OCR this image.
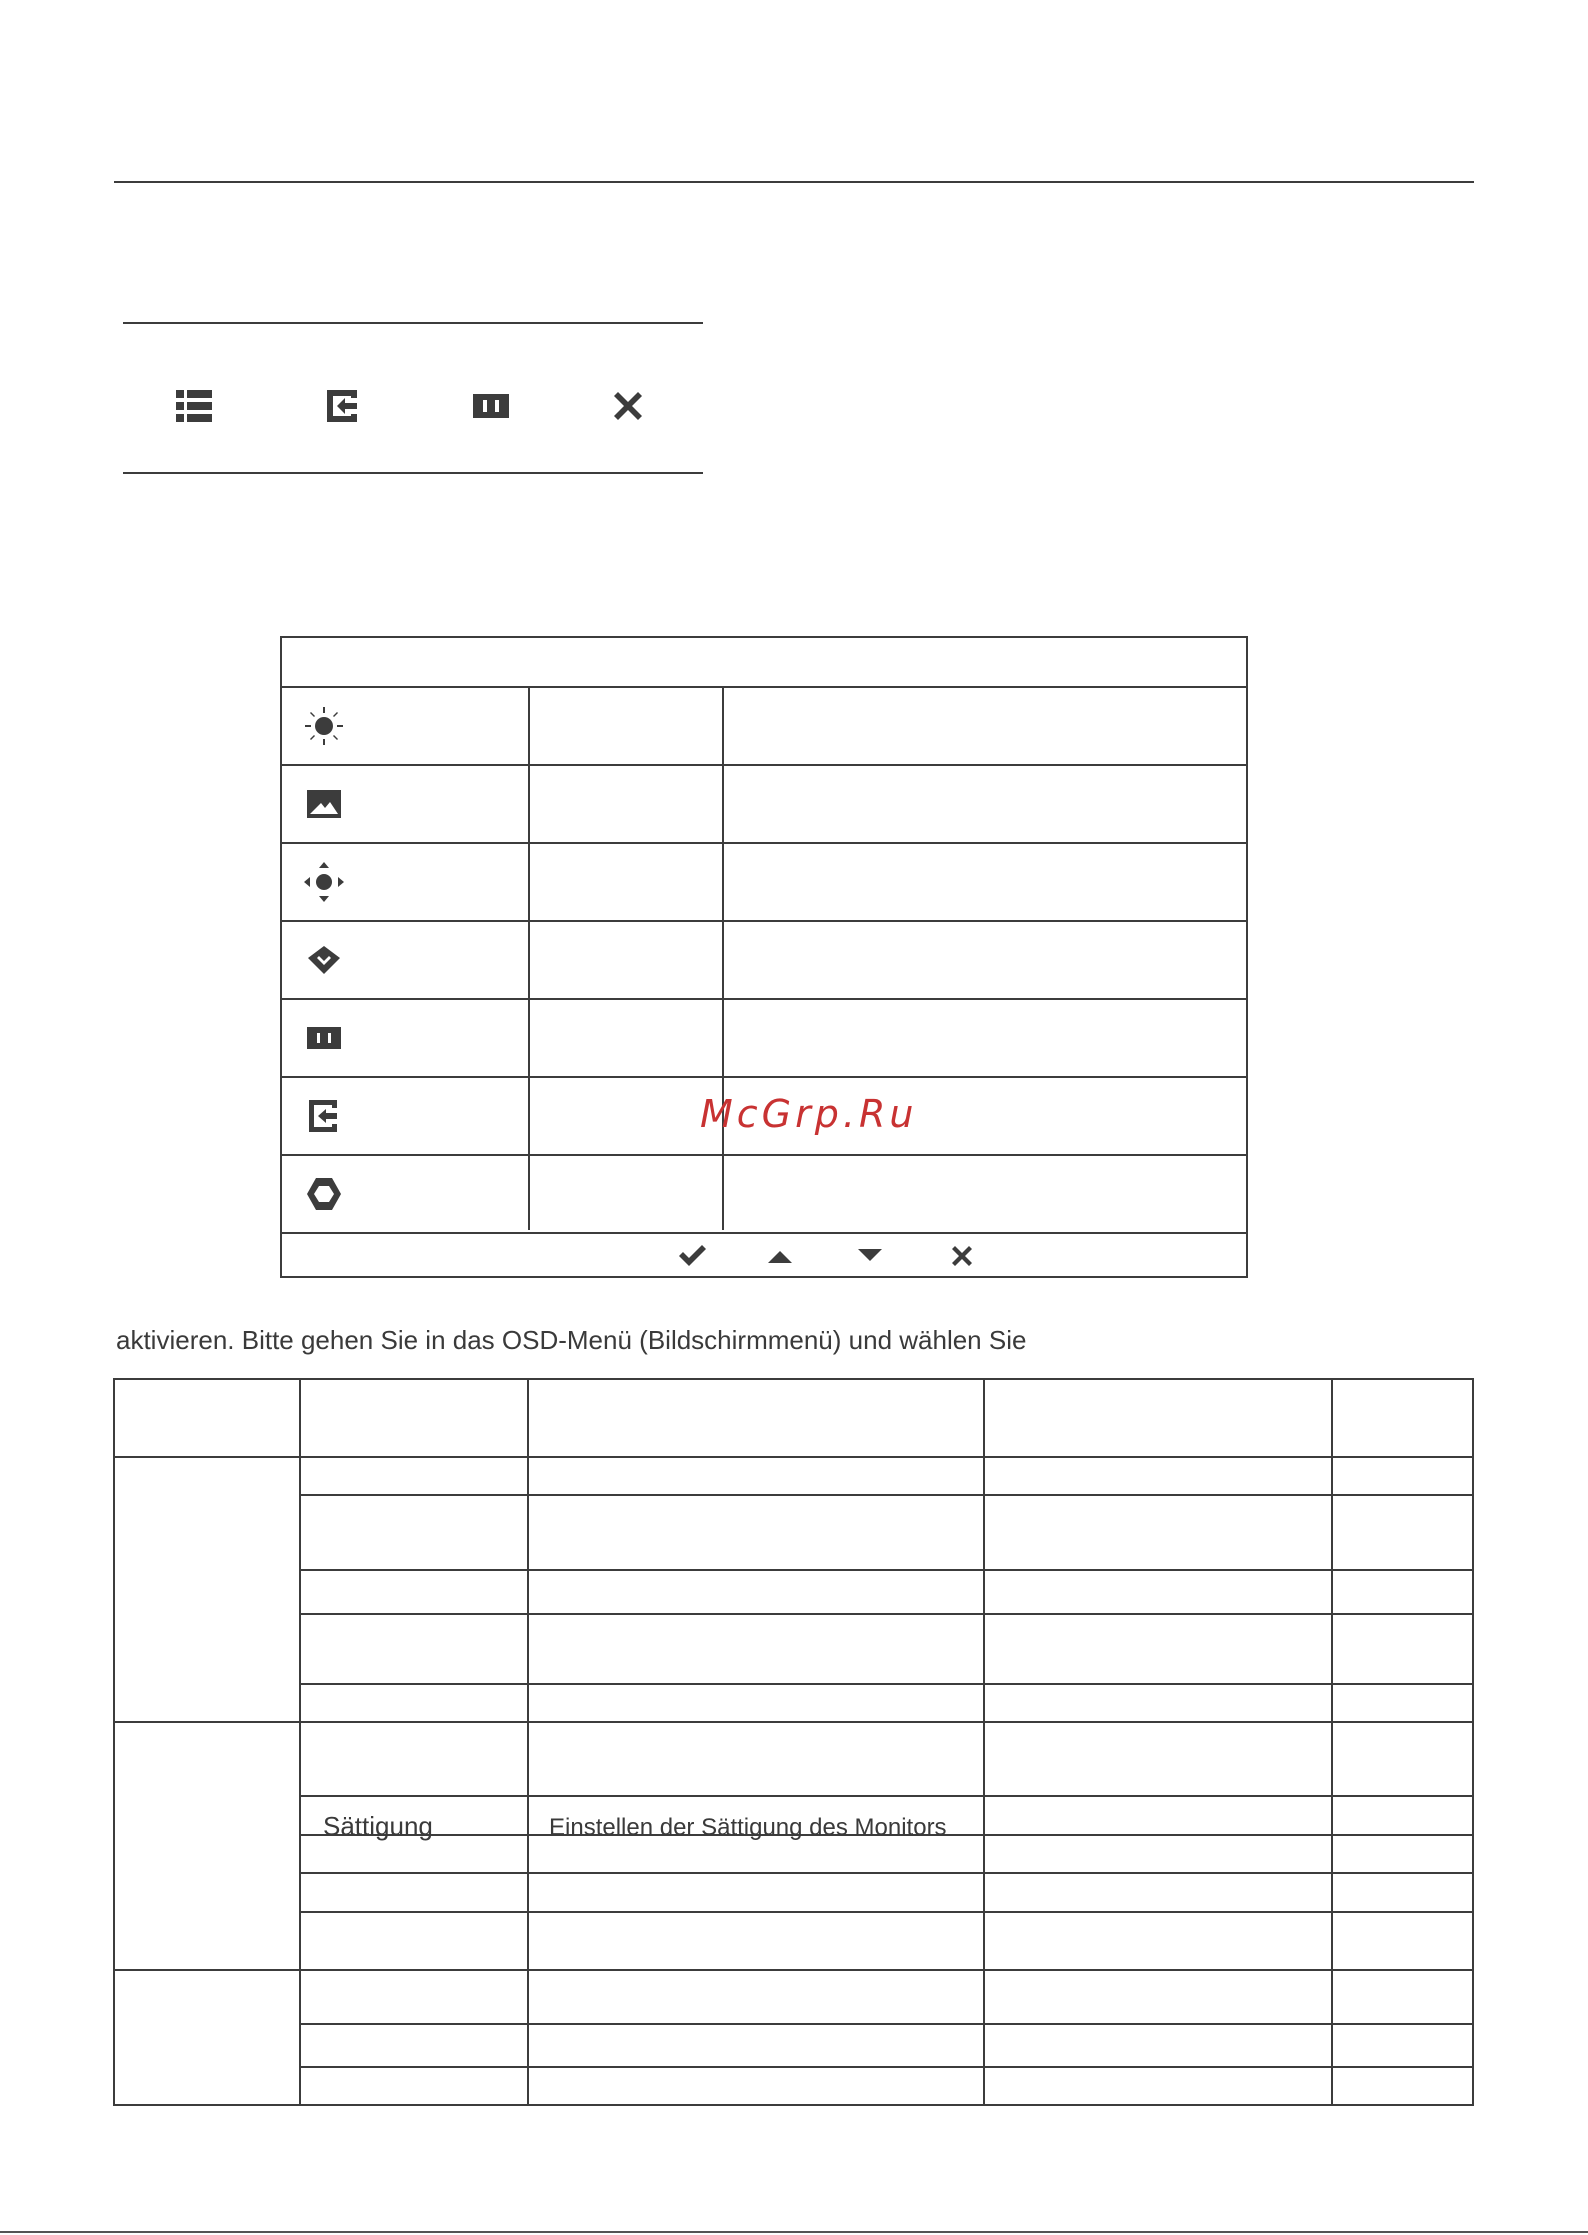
McGrp.Ru
aktivieren. Bitte gehen Sie in das OSD-Menü (Bildschirmmenü) und wählen Sie
Sättigung	Einstellen der Sättigung des Monitors
